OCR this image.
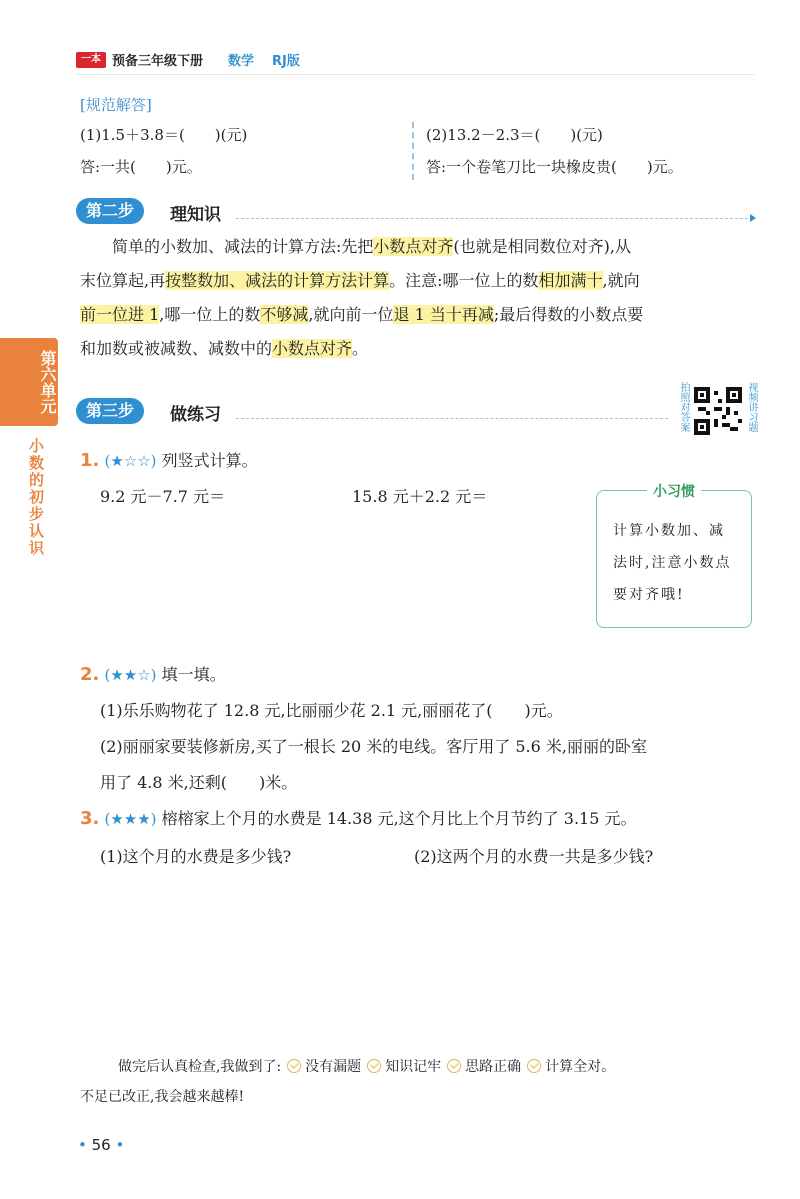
一本 预备三年级下册 数学 RJ版
[规范解答]
(1)1.5＋3.8＝(　　)(元)
答:一共(　　)元。
(2)13.2－2.3＝(　　)(元)
答:一个卷笔刀比一块橡皮贵(　　)元。
第二步	理知识
简单的小数加、减法的计算方法:先把小数点对齐(也就是相同数位对齐),从
末位算起,再按整数加、减法的计算方法计算。注意:哪一位上的数相加满十,就向
前一位进 1,哪一位上的数不够减,就向前一位退 1 当十再减;最后得数的小数点要
和加数或被减数、减数中的小数点对齐。
第六单元
小数的初步认识
第三步	做练习	拍照对答案	视频讲习题
1. (★☆☆) 列竖式计算。
9.2 元－7.7 元＝	15.8 元＋2.2 元＝	小习惯
计算小数加、减法时,注意小数点要对齐哦!
2. (★★☆) 填一填。
(1)乐乐购物花了 12.8 元,比丽丽少花 2.1 元,丽丽花了(　　)元。
(2)丽丽家要装修新房,买了一根长 20 米的电线。客厅用了 5.6 米,丽丽的卧室
用了 4.8 米,还剩(　　)米。
3. (★★★) 榕榕家上个月的水费是 14.38 元,这个月比上个月节约了 3.15 元。
(1)这个月的水费是多少钱?	(2)这两个月的水费一共是多少钱?
做完后认真检查,我做到了: 没有漏题 知识记牢 思路正确 计算全对。
不足已改正,我会越来越棒!
• 56 •
